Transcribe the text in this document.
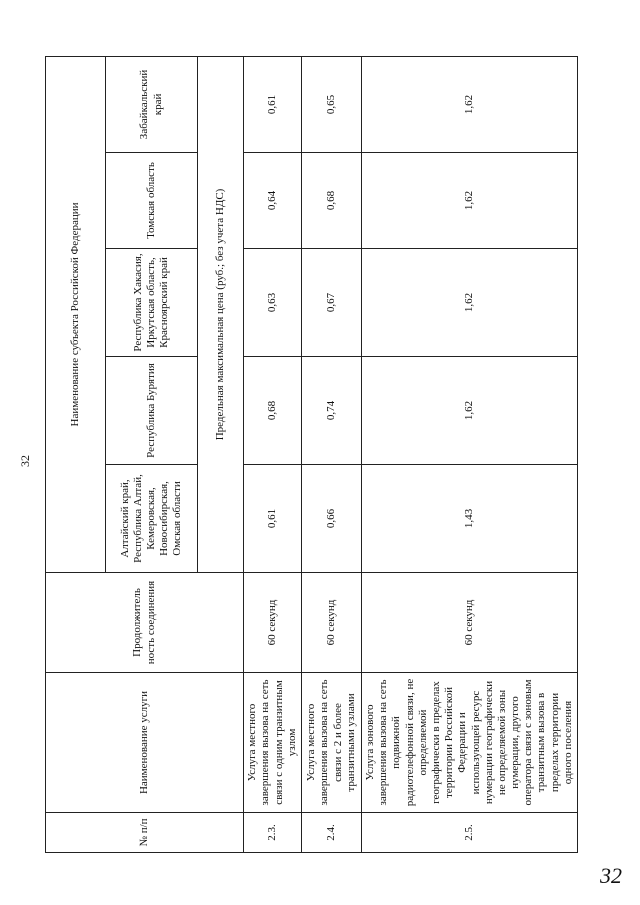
32
№ п/п	Наименование услуги	Продолжитель ность соединения	Наименование субъекта Российской Федерации				
			Алтайский край, Республика Алтай, Кемеровская, Новосибирская, Омская области	Республика Бурятия	Республика Хакасия, Иркутская область, Красноярский край	Томская область	Забайкальский край
			Предельная максимальная цена (руб.; без учета НДС)				
2.3.	Услуга местного завершения вызова на сеть связи с одним транзитным узлом	60 секунд	0,61	0,68	0,63	0,64	0,61
2.4.	Услуга местного завершения вызова на сеть связи с 2 и более транзитными узлами	60 секунд	0,66	0,74	0,67	0,68	0,65
2.5.	Услуга зонового завершения вызова на сеть подвижной радиотелефонной связи, не определяемой географически в пределах территории Российской Федерации и использующей ресурс нумерации географически не определяемой зоны нумерации, другого оператора связи с зоновым транзитным вызова в пределах территории одного поселения	60 секунд	1,43	1,62	1,62	1,62	1,62
32
